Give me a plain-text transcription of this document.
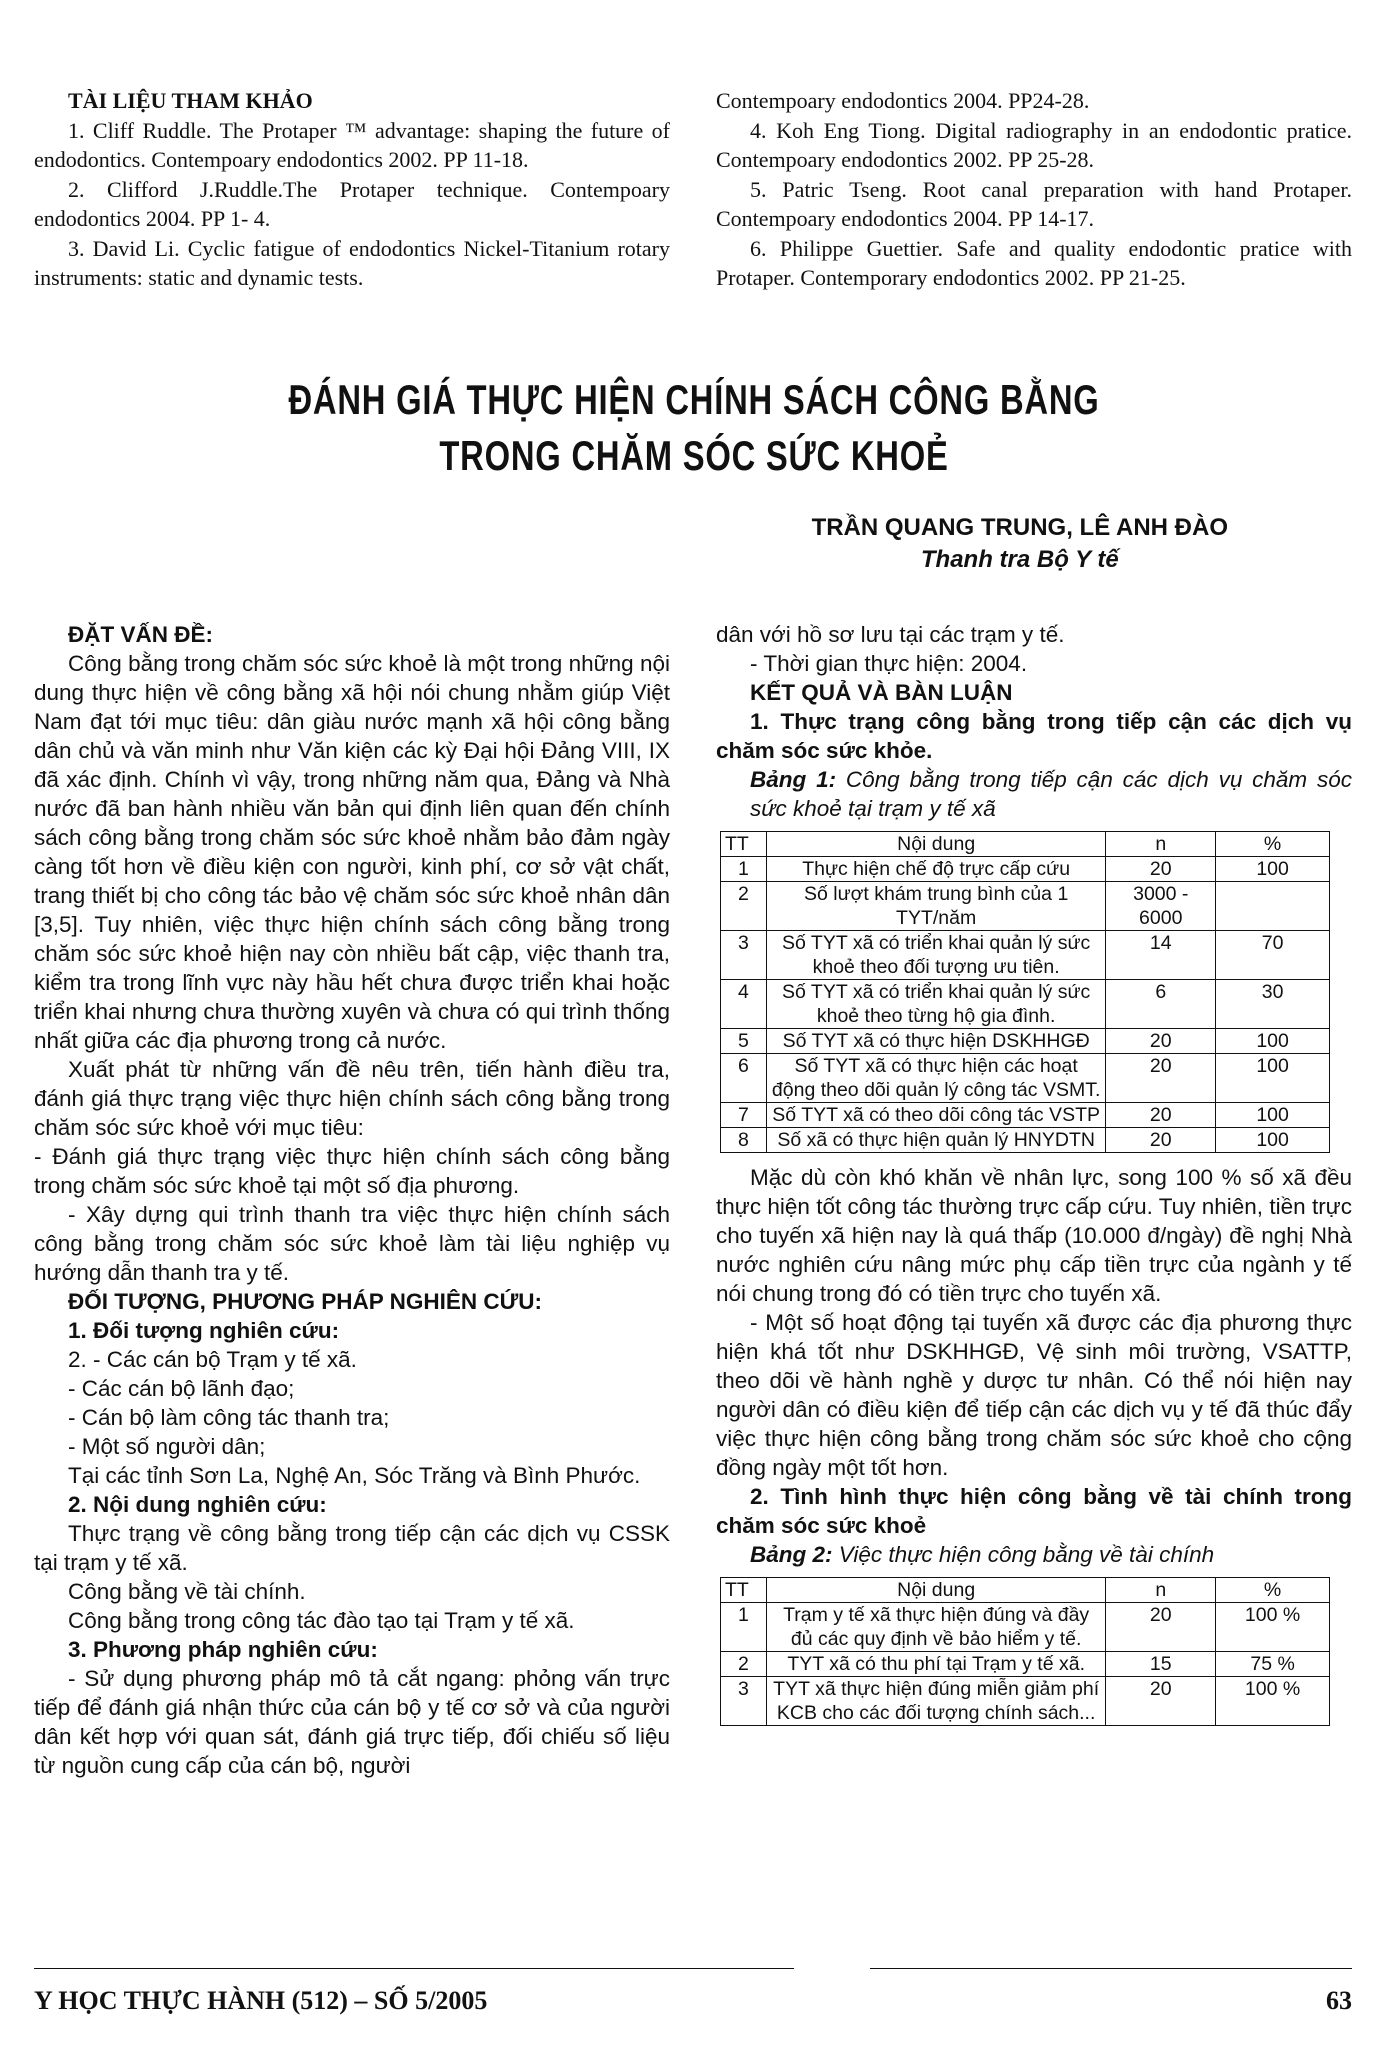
TÀI LIỆU THAM KHẢO

1. Cliff Ruddle. The Protaper ™ advantage: shaping the future of endodontics. Contempoary endodontics 2002. PP 11-18.

2. Clifford J.Ruddle.The Protaper technique. Contempoary endodontics 2004. PP 1- 4.

3. David Li. Cyclic fatigue of endodontics Nickel-Titanium rotary instruments: static and dynamic tests.

Contempoary endodontics 2004. PP24-28.

4. Koh Eng Tiong. Digital radiography in an endodontic pratice. Contempoary endodontics 2002. PP 25-28.

5. Patric Tseng. Root canal preparation with hand Protaper. Contempoary endodontics 2004. PP 14-17.

6. Philippe Guettier. Safe and quality endodontic pratice with Protaper. Contemporary endodontics 2002. PP 21-25.

ĐÁNH GIÁ THỰC HIỆN CHÍNH SÁCH CÔNG BẰNG
TRONG CHĂM SÓC SỨC KHOẺ
TRẦN QUANG TRUNG, LÊ ANH ĐÀO
Thanh tra Bộ Y tế
ĐẶT VẤN ĐỀ:

Công bằng trong chăm sóc sức khoẻ là một trong những nội dung thực hiện về công bằng xã hội nói chung nhằm giúp Việt Nam đạt tới mục tiêu: dân giàu nước mạnh xã hội công bằng dân chủ và văn minh như Văn kiện các kỳ Đại hội Đảng VIII, IX đã xác định. Chính vì vậy, trong những năm qua, Đảng và Nhà nước đã ban hành nhiều văn bản qui định liên quan đến chính sách công bằng trong chăm sóc sức khoẻ nhằm bảo đảm ngày càng tốt hơn về điều kiện con người, kinh phí, cơ sở vật chất, trang thiết bị cho công tác bảo vệ chăm sóc sức khoẻ nhân dân [3,5]. Tuy nhiên, việc thực hiện chính sách công bằng trong chăm sóc sức khoẻ hiện nay còn nhiều bất cập, việc thanh tra, kiểm tra trong lĩnh vực này hầu hết chưa được triển khai hoặc triển khai nhưng chưa thường xuyên và chưa có qui trình thống nhất giữa các địa phương trong cả nước.

Xuất phát từ những vấn đề nêu trên, tiến hành điều tra, đánh giá thực trạng việc thực hiện chính sách công bằng trong chăm sóc sức khoẻ với mục tiêu:

- Đánh giá thực trạng việc thực hiện chính sách công bằng trong chăm sóc sức khoẻ tại một số địa phương.

- Xây dựng qui trình thanh tra việc thực hiện chính sách công bằng trong chăm sóc sức khoẻ làm tài liệu nghiệp vụ hướng dẫn thanh tra y tế.

ĐỐI TƯỢNG, PHƯƠNG PHÁP NGHIÊN CỨU:
1. Đối tượng nghiên cứu:
2. - Các cán bộ Trạm y tế xã.
- Các cán bộ lãnh đạo;
- Cán bộ làm công tác thanh tra;
- Một số người dân;

Tại các tỉnh Sơn La, Nghệ An, Sóc Trăng và Bình Phước.

2. Nội dung nghiên cứu:

Thực trạng về công bằng trong tiếp cận các dịch vụ CSSK tại trạm y tế xã.

Công bằng về tài chính.

Công bằng trong công tác đào tạo tại Trạm y tế xã.

3. Phương pháp nghiên cứu:

- Sử dụng phương pháp mô tả cắt ngang: phỏng vấn trực tiếp để đánh giá nhận thức của cán bộ y tế cơ sở và của người dân kết hợp với quan sát, đánh giá trực tiếp, đối chiếu số liệu từ nguồn cung cấp của cán bộ, người

dân với hồ sơ lưu tại các trạm y tế.

- Thời gian thực hiện: 2004.

KẾT QUẢ VÀ BÀN LUẬN

1. Thực trạng công bằng trong tiếp cận các dịch vụ chăm sóc sức khỏe.

Bảng 1: Công bằng trong tiếp cận các dịch vụ chăm sóc sức khoẻ tại trạm y tế xã
TT	Nội dung	n	%
1	Thực hiện chế độ trực cấp cứu	20	100
2	Số lượt khám trung bình của 1 TYT/năm	3000 - 6000	
3	Số TYT xã có triển khai quản lý sức khoẻ theo đối tượng ưu tiên.	14	70
4	Số TYT xã có triển khai quản lý sức khoẻ theo từng hộ gia đình.	6	30
5	Số TYT xã có thực hiện DSKHHGĐ	20	100
6	Số TYT xã có thực hiện các hoạt động theo dõi quản lý công tác VSMT.	20	100
7	Số TYT xã có theo dõi công tác VSTP	20	100
8	Số xã có thực hiện quản lý HNYDTN	20	100

Mặc dù còn khó khăn về nhân lực, song 100 % số xã đều thực hiện tốt công tác thường trực cấp cứu. Tuy nhiên, tiền trực cho tuyến xã hiện nay là quá thấp (10.000 đ/ngày) đề nghị Nhà nước nghiên cứu nâng mức phụ cấp tiền trực của ngành y tế nói chung trong đó có tiền trực cho tuyến xã.

- Một số hoạt động tại tuyến xã được các địa phương thực hiện khá tốt như DSKHHGĐ, Vệ sinh môi trường, VSATTP, theo dõi về hành nghề y dược tư nhân. Có thể nói hiện nay người dân có điều kiện để tiếp cận các dịch vụ y tế đã thúc đẩy việc thực hiện công bằng trong chăm sóc sức khoẻ cho cộng đồng ngày một tốt hơn.

2. Tình hình thực hiện công bằng về tài chính trong chăm sóc sức khoẻ

Bảng 2: Việc thực hiện công bằng về tài chính
TT	Nội dung	n	%
1	Trạm y tế xã thực hiện đúng và đầy đủ các quy định về bảo hiểm y tế.	20	100 %
2	TYT xã có thu phí tại Trạm y tế xã.	15	75 %
3	TYT xã thực hiện đúng miễn giảm phí KCB cho các đối tượng chính sách...	20	100 %
Y HỌC THỰC HÀNH (512) – SỐ 5/2005	63
